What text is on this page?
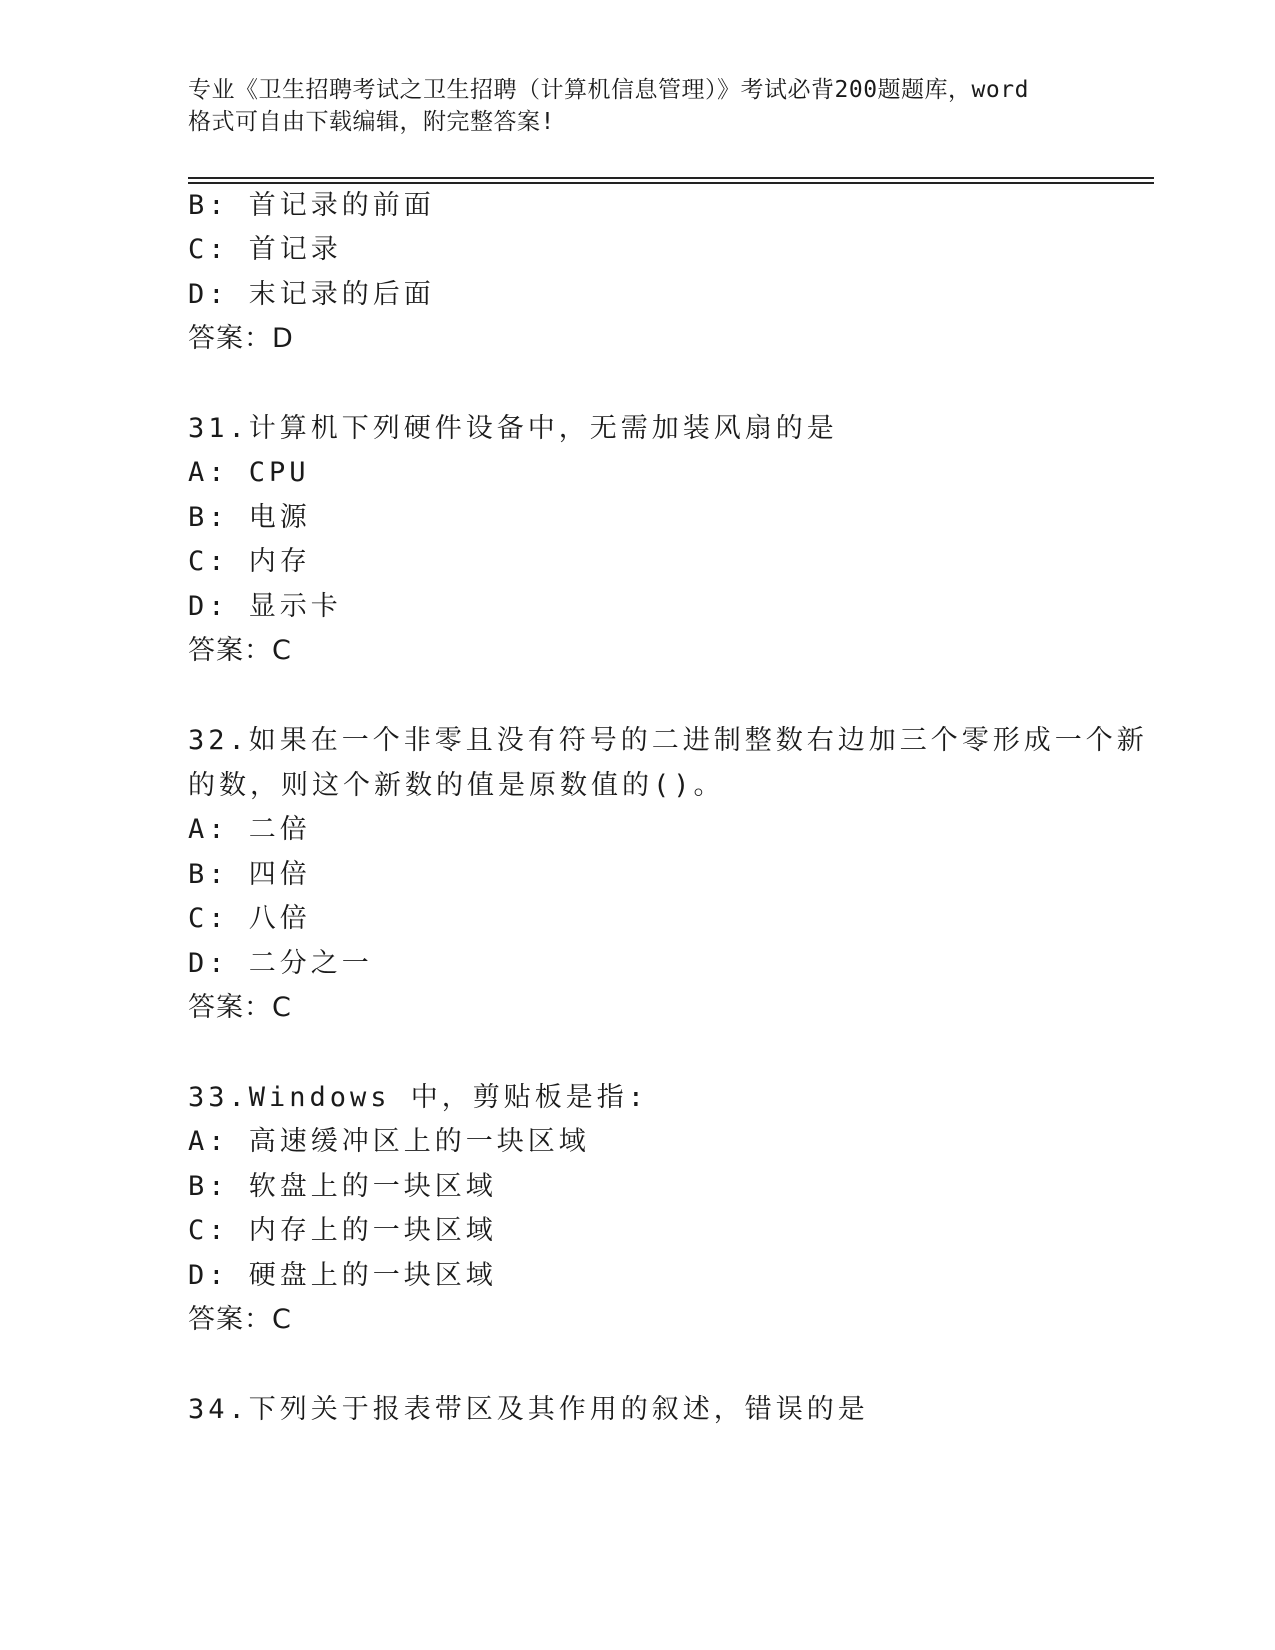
专业《卫生招聘考试之卫生招聘（计算机信息管理）》考试必背200题题库，word
格式可自由下载编辑，附完整答案!
B: 首记录的前面
C: 首记录
D: 末记录的后面
答案：D
31.计算机下列硬件设备中，无需加装风扇的是
A: CPU
B: 电源
C: 内存
D: 显示卡
答案：C
32.如果在一个非零且没有符号的二进制整数右边加三个零形成一个新
的数，则这个新数的值是原数值的()。
A: 二倍
B: 四倍
C: 八倍
D: 二分之一
答案：C
33.Windows 中，剪贴板是指:
A: 高速缓冲区上的一块区域
B: 软盘上的一块区域
C: 内存上的一块区域
D: 硬盘上的一块区域
答案：C
34.下列关于报表带区及其作用的叙述，错误的是
